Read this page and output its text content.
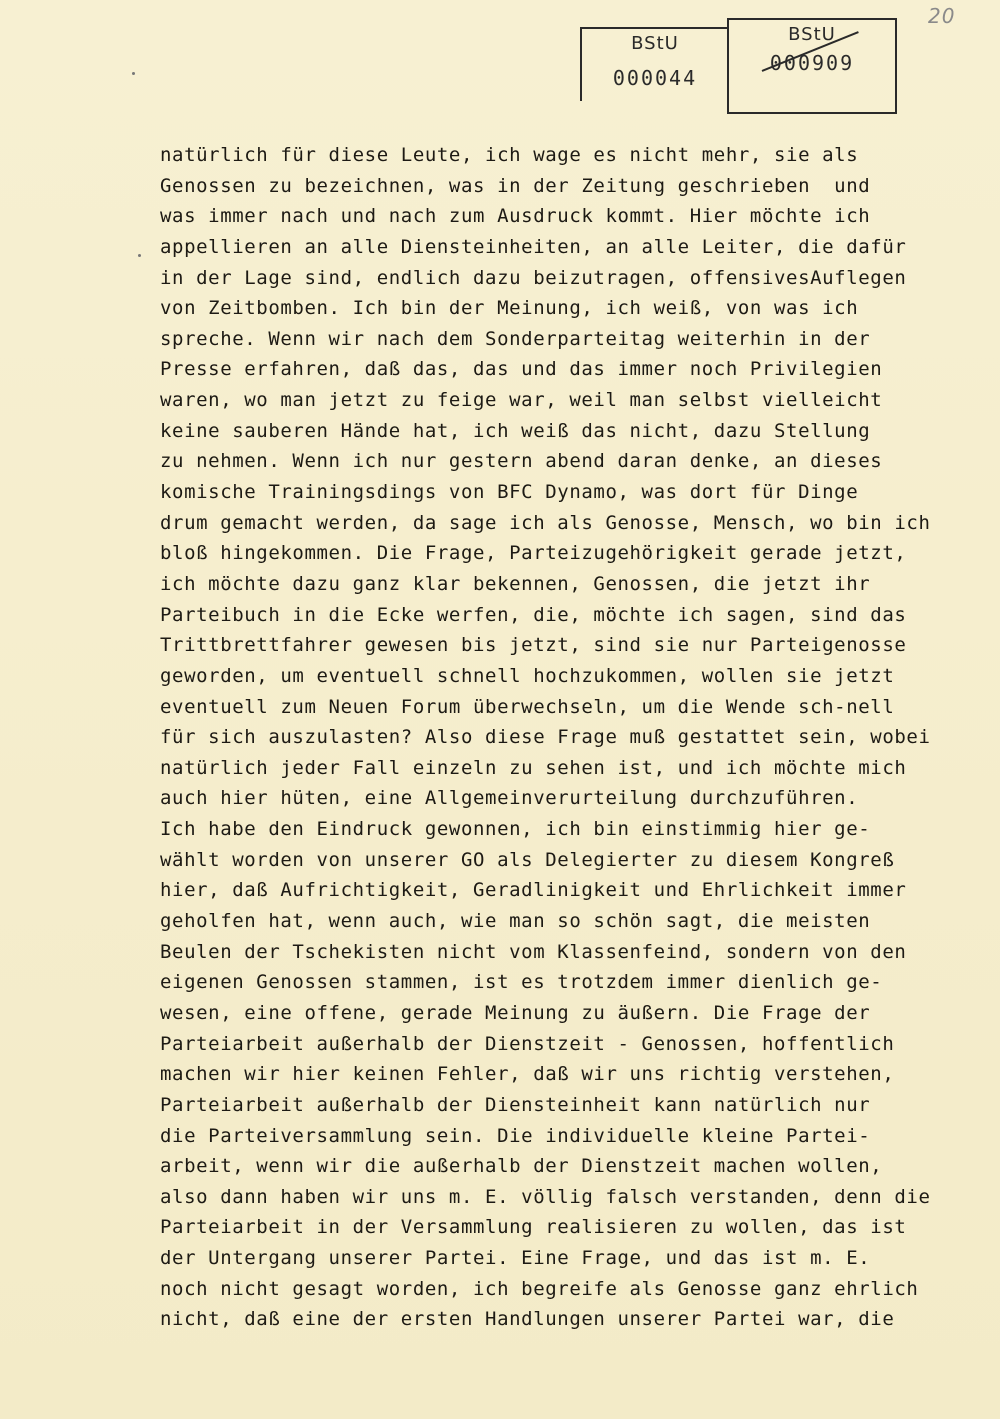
20
BStU
000044
BStU
000909
natürlich für diese Leute, ich wage es nicht mehr, sie als
Genossen zu bezeichnen, was in der Zeitung geschrieben  und
was immer nach und nach zum Ausdruck kommt. Hier möchte ich
appellieren an alle Diensteinheiten, an alle Leiter, die dafür
in der Lage sind, endlich dazu beizutragen, offensivesAuflegen
von Zeitbomben. Ich bin der Meinung, ich weiß, von was ich
spreche. Wenn wir nach dem Sonderparteitag weiterhin in der
Presse erfahren, daß das, das und das immer noch Privilegien
waren, wo man jetzt zu feige war, weil man selbst vielleicht
keine sauberen Hände hat, ich weiß das nicht, dazu Stellung
zu nehmen. Wenn ich nur gestern abend daran denke, an dieses
komische Trainingsdings von BFC Dynamo, was dort für Dinge
drum gemacht werden, da sage ich als Genosse, Mensch, wo bin ich
bloß hingekommen. Die Frage, Parteizugehörigkeit gerade jetzt,
ich möchte dazu ganz klar bekennen, Genossen, die jetzt ihr
Parteibuch in die Ecke werfen, die, möchte ich sagen, sind das
Trittbrettfahrer gewesen bis jetzt, sind sie nur Parteigenosse
geworden, um eventuell schnell hochzukommen, wollen sie jetzt
eventuell zum Neuen Forum überwechseln, um die Wende sch-nell
für sich auszulasten? Also diese Frage muß gestattet sein, wobei
natürlich jeder Fall einzeln zu sehen ist, und ich möchte mich
auch hier hüten, eine Allgemeinverurteilung durchzuführen.
Ich habe den Eindruck gewonnen, ich bin einstimmig hier ge-
wählt worden von unserer GO als Delegierter zu diesem Kongreß
hier, daß Aufrichtigkeit, Geradlinigkeit und Ehrlichkeit immer
geholfen hat, wenn auch, wie man so schön sagt, die meisten
Beulen der Tschekisten nicht vom Klassenfeind, sondern von den
eigenen Genossen stammen, ist es trotzdem immer dienlich ge-
wesen, eine offene, gerade Meinung zu äußern. Die Frage der
Parteiarbeit außerhalb der Dienstzeit - Genossen, hoffentlich
machen wir hier keinen Fehler, daß wir uns richtig verstehen,
Parteiarbeit außerhalb der Diensteinheit kann natürlich nur
die Parteiversammlung sein. Die individuelle kleine Partei-
arbeit, wenn wir die außerhalb der Dienstzeit machen wollen,
also dann haben wir uns m. E. völlig falsch verstanden, denn die
Parteiarbeit in der Versammlung realisieren zu wollen, das ist
der Untergang unserer Partei. Eine Frage, und das ist m. E.
noch nicht gesagt worden, ich begreife als Genosse ganz ehrlich
nicht, daß eine der ersten Handlungen unserer Partei war, die
